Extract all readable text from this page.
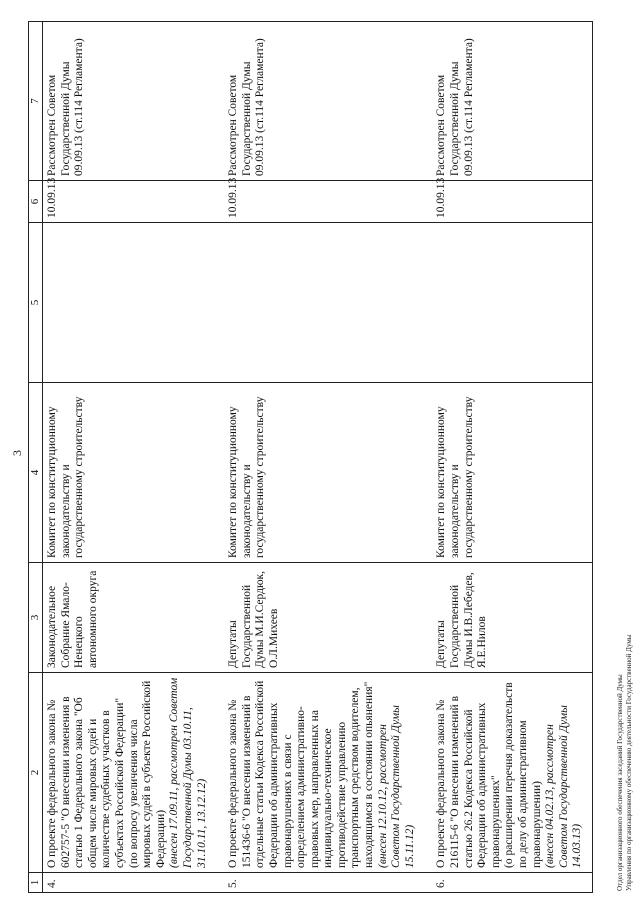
3
1	2	3	4	5	6	7
4.	О проекте федерального закона № 602757-5 "О внесении изменения в статью 1 Федерального закона "Об общем числе мировых судей и количестве судебных участков в субъектах Российской Федерации" (по вопросу увеличения числа мировых судей в субъекте Российской Федерации) (внесен 17.09.11, рассмотрен Советом Государственной Думы 03.10.11, 31.10.11, 13.12.12)	Законодательное Собрание Ямало-Ненецкого автономного округа	Комитет по конституционному законодательству и государственному строительству		10.09.13	Рассмотрен Советом Государственной Думы 09.09.13 (ст.114 Регламента)

5.	О проекте федерального закона № 151436-6 "О внесении изменений в отдельные статьи Кодекса Российской Федерации об административных правонарушениях в связи с определением административно-правовых мер, направленных на индивидуально-техническое противодействие управлению транспортным средством водителем, находящимся в состоянии опьянения" (внесен 12.10.12, рассмотрен Советом Государственной Думы 15.11.12)	Депутаты Государственной Думы М.И.Сердюк, О.Л.Михеев	Комитет по конституционному законодательству и государственному строительству		10.09.13	Рассмотрен Советом Государственной Думы 09.09.13 (ст.114 Регламента)

6.	О проекте федерального закона № 216115-6 "О внесении изменений в статью 26.2 Кодекса Российской Федерации об административных правонарушениях" (о расширении перечня доказательств по делу об административном правонарушении) (внесен 04.02.13, рассмотрен Советом Государственной Думы 14.03.13)	Депутаты Государственной Думы И.В.Лебедев, Я.Е.Нилов	Комитет по конституционному законодательству и государственному строительству		10.09.13	Рассмотрен Советом Государственной Думы 09.09.13 (ст.114 Регламента)

Отдел организационного обеспечения заседаний Государственной Думы Управления по организационному обеспечению деятельности Государственной Думы
